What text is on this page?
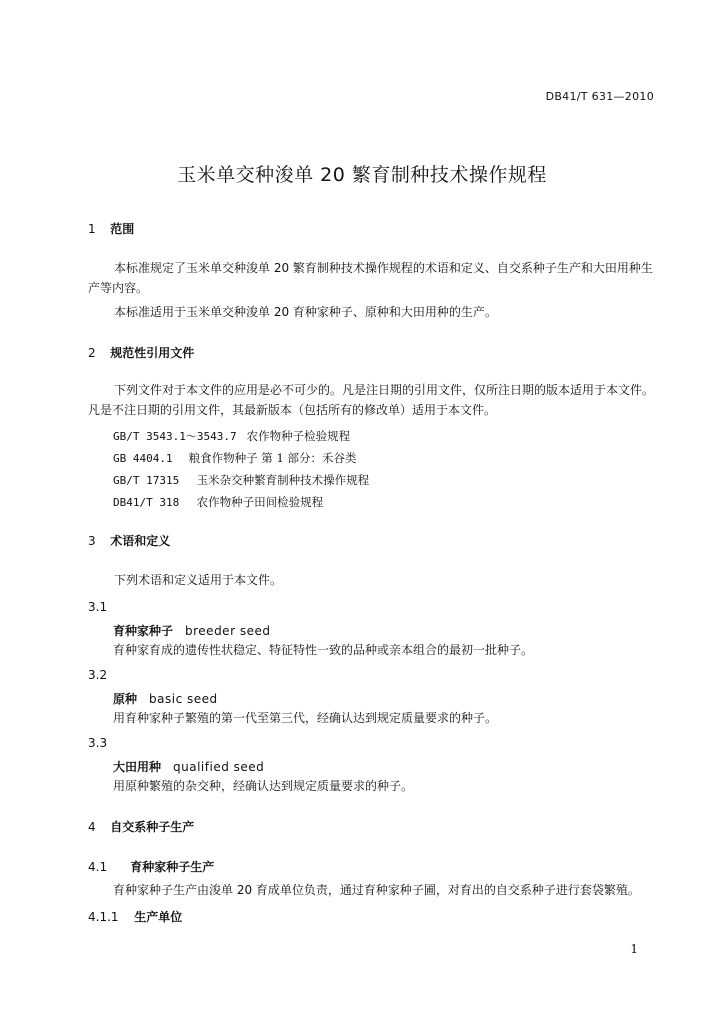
DB41/T 631—2010
玉米单交种浚单 20 繁育制种技术操作规程
1 范围
本标准规定了玉米单交种浚单 20 繁育制种技术操作规程的术语和定义、自交系种子生产和大田用种生产等内容。
本标准适用于玉米单交种浚单 20 育种家种子、原种和大田用种的生产。
2 规范性引用文件
下列文件对于本文件的应用是必不可少的。凡是注日期的引用文件，仅所注日期的版本适用于本文件。凡是不注日期的引用文件，其最新版本（包括所有的修改单）适用于本文件。
GB/T 3543.1～3543.7 农作物种子检验规程
GB 4404.1 粮食作物种子 第 1 部分：禾谷类
GB/T 17315 玉米杂交种繁育制种技术操作规程
DB41/T 318 农作物种子田间检验规程
3 术语和定义
下列术语和定义适用于本文件。
3.1
育种家种子 breeder seed
育种家育成的遗传性状稳定、特征特性一致的品种或亲本组合的最初一批种子。
3.2
原种 basic seed
用育种家种子繁殖的第一代至第三代，经确认达到规定质量要求的种子。
3.3
大田用种 qualified seed
用原种繁殖的杂交种，经确认达到规定质量要求的种子。
4 自交系种子生产
4.1 育种家种子生产
育种家种子生产由浚单 20 育成单位负责，通过育种家种子圃，对育出的自交系种子进行套袋繁殖。
4.1.1 生产单位
1
